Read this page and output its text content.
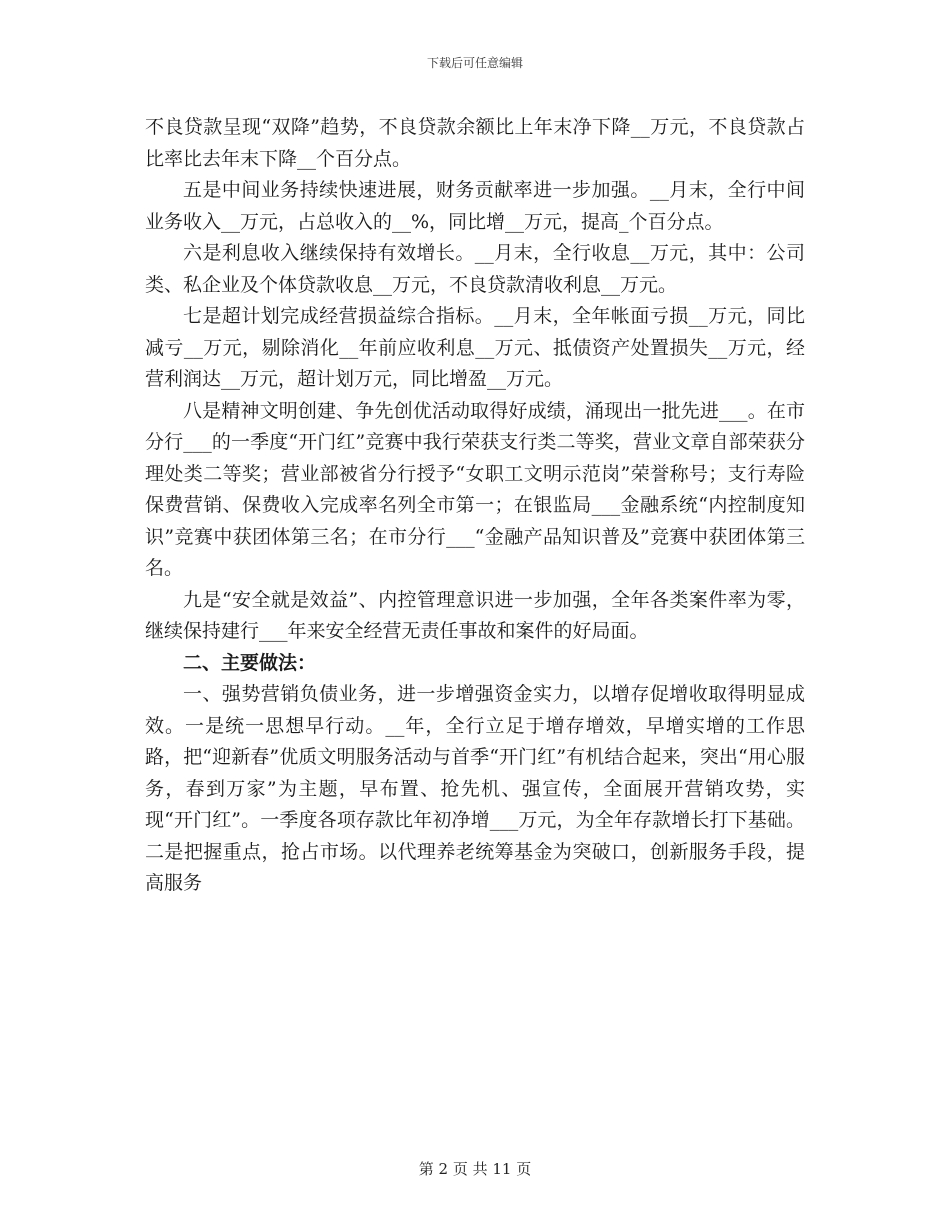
下载后可任意编辑

不良贷款呈现“双降”趋势，不良贷款余额比上年末净下降__万元，不良贷款占比率比去年末下降__个百分点。

五是中间业务持续快速进展，财务贡献率进一步加强。__月末，全行中间业务收入__万元，占总收入的__%，同比增__万元，提高_个百分点。

六是利息收入继续保持有效增长。__月末，全行收息__万元，其中：公司类、私企业及个体贷款收息__万元，不良贷款清收利息__万元。

七是超计划完成经营损益综合指标。__月末，全年帐面亏损__万元，同比减亏__万元，剔除消化__年前应收利息__万元、抵债资产处置损失__万元，经营利润达__万元，超计划万元，同比增盈__万元。

八是精神文明创建、争先创优活动取得好成绩，涌现出一批先进___。在市分行___的一季度“开门红”竞赛中我行荣获支行类二等奖，营业文章自部荣获分理处类二等奖；营业部被省分行授予“女职工文明示范岗”荣誉称号；支行寿险保费营销、保费收入完成率名列全市第一；在银监局___金融系统“内控制度知识”竞赛中获团体第三名；在市分行___“金融产品知识普及”竞赛中获团体第三名。

九是“安全就是效益”、内控管理意识进一步加强，全年各类案件率为零，继续保持建行___年来安全经营无责任事故和案件的好局面。

二、主要做法：

一、强势营销负债业务，进一步增强资金实力，以增存促增收取得明显成效。一是统一思想早行动。__年，全行立足于增存增效，早增实增的工作思路，把“迎新春”优质文明服务活动与首季“开门红”有机结合起来，突出“用心服务，春到万家”为主题，早布置、抢先机、强宣传，全面展开营销攻势，实现“开门红”。一季度各项存款比年初净增___万元，为全年存款增长打下基础。二是把握重点，抢占市场。以代理养老统筹基金为突破口，创新服务手段，提高服务

第 2 页 共 11 页
